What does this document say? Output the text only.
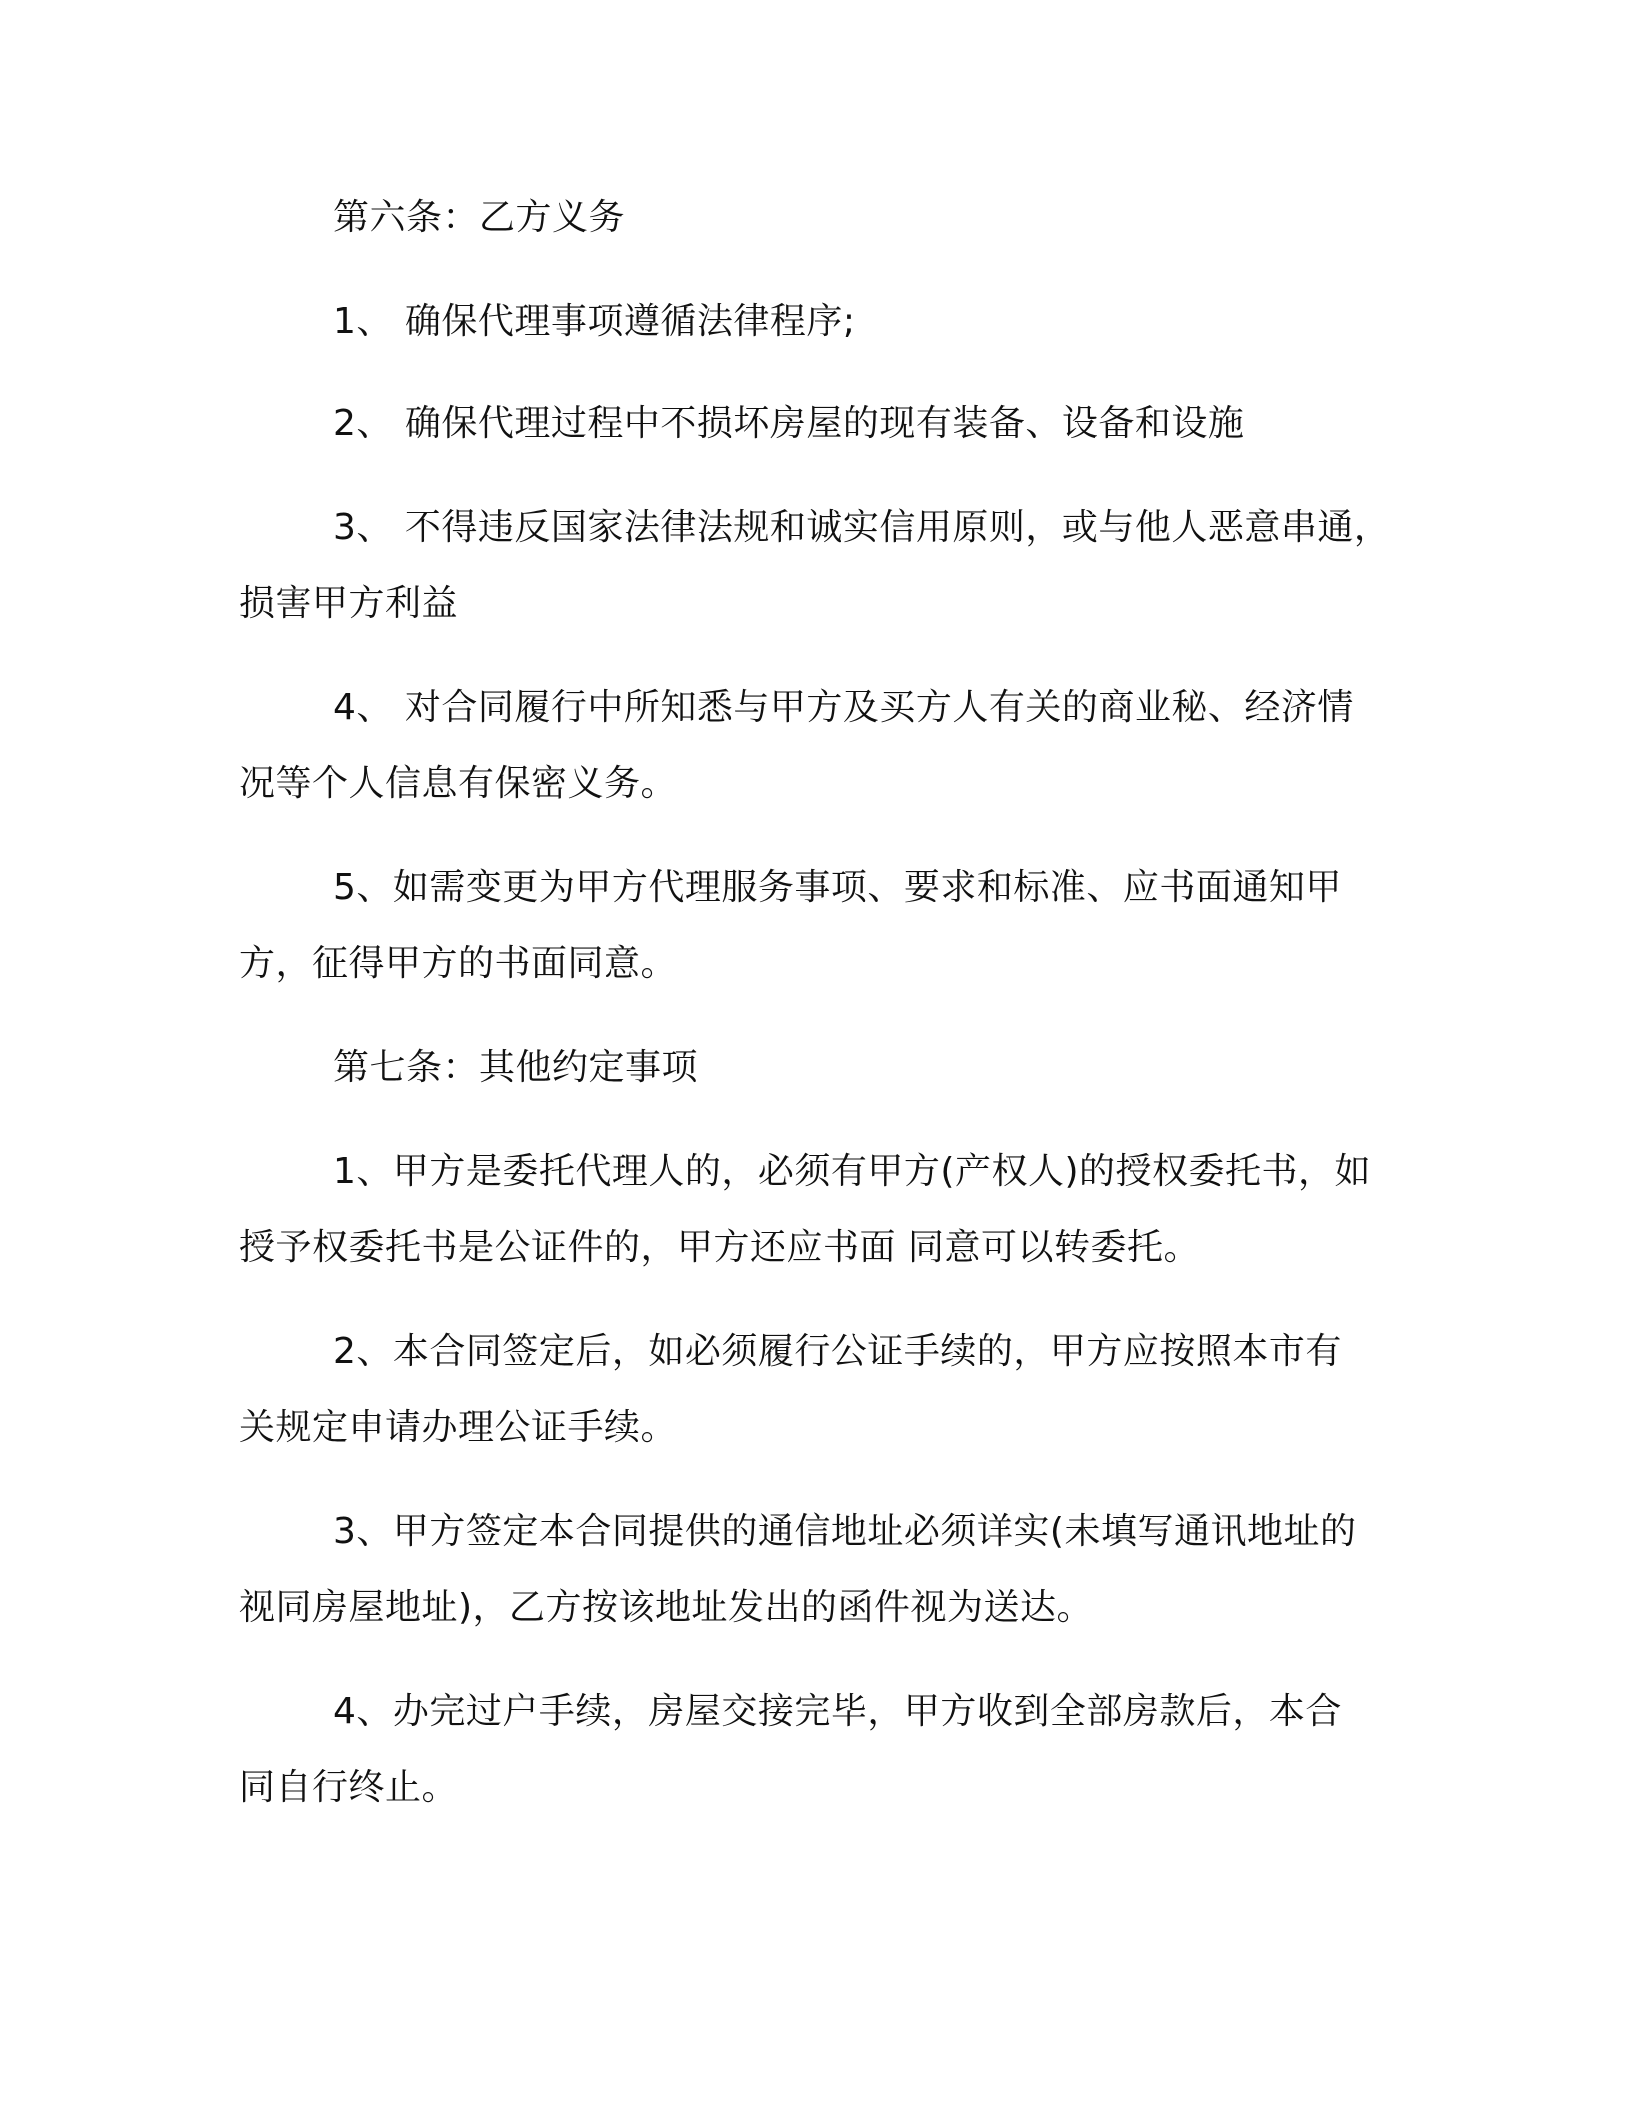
第六条：乙方义务
1、 确保代理事项遵循法律程序;
2、 确保代理过程中不损坏房屋的现有装备、设备和设施
3、 不得违反国家法律法规和诚实信用原则，或与他人恶意串通，
损害甲方利益
4、 对合同履行中所知悉与甲方及买方人有关的商业秘、经济情
况等个人信息有保密义务。
5、如需变更为甲方代理服务事项、要求和标准、应书面通知甲
方，征得甲方的书面同意。
第七条：其他约定事项
1、甲方是委托代理人的，必须有甲方(产权人)的授权委托书，如
授予权委托书是公证件的，甲方还应书面 同意可以转委托。
2、本合同签定后，如必须履行公证手续的，甲方应按照本市有
关规定申请办理公证手续。
3、甲方签定本合同提供的通信地址必须详实(未填写通讯地址的
视同房屋地址)，乙方按该地址发出的函件视为送达。
4、办完过户手续，房屋交接完毕，甲方收到全部房款后，本合
同自行终止。
